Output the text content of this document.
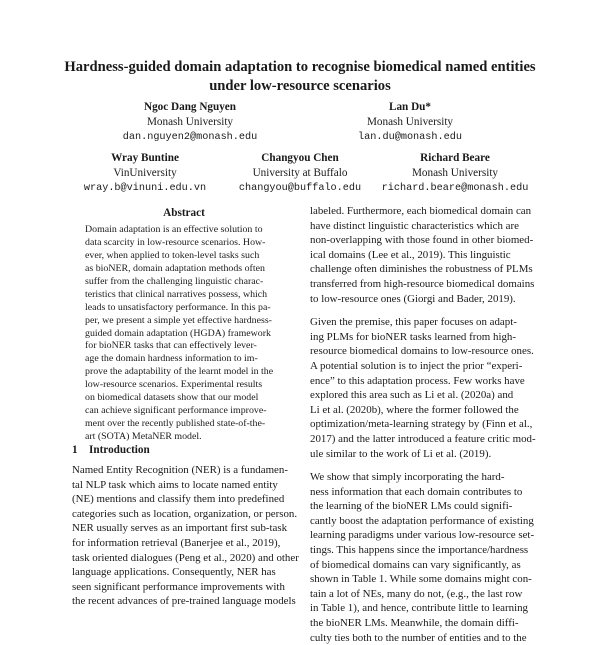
Hardness-guided domain adaptation to recognise biomedical named entities
under low-resource scenarios
Ngoc Dang Nguyen
Monash University
dan.nguyen2@monash.edu
Lan Du*
Monash University
lan.du@monash.edu
Wray Buntine
VinUniversity
wray.b@vinuni.edu.vn
Changyou Chen
University at Buffalo
changyou@buffalo.edu
Richard Beare
Monash University
richard.beare@monash.edu
Abstract
Domain adaptation is an effective solution to
data scarcity in low-resource scenarios. How-
ever, when applied to token-level tasks such
as bioNER, domain adaptation methods often
suffer from the challenging linguistic charac-
teristics that clinical narratives possess, which
leads to unsatisfactory performance. In this pa-
per, we present a simple yet effective hardness-
guided domain adaptation (HGDA) framework
for bioNER tasks that can effectively lever-
age the domain hardness information to im-
prove the adaptability of the learnt model in the
low-resource scenarios. Experimental results
on biomedical datasets show that our model
can achieve significant performance improve-
ment over the recently published state-of-the-
art (SOTA) MetaNER model.
1 Introduction
Named Entity Recognition (NER) is a fundamen-
tal NLP task which aims to locate named entity
(NE) mentions and classify them into predefined
categories such as location, organization, or person.
NER usually serves as an important first sub-task
for information retrieval (Banerjee et al., 2019),
task oriented dialogues (Peng et al., 2020) and other
language applications. Consequently, NER has
seen significant performance improvements with
the recent advances of pre-trained language models
labeled. Furthermore, each biomedical domain can
have distinct linguistic characteristics which are
non-overlapping with those found in other biomed-
ical domains (Lee et al., 2019). This linguistic
challenge often diminishes the robustness of PLMs
transferred from high-resource biomedical domains
to low-resource ones (Giorgi and Bader, 2019).
Given the premise, this paper focuses on adapt-
ing PLMs for bioNER tasks learned from high-
resource biomedical domains to low-resource ones.
A potential solution is to inject the prior “experi-
ence” to this adaptation process. Few works have
explored this area such as Li et al. (2020a) and
Li et al. (2020b), where the former followed the
optimization/meta-learning strategy by (Finn et al.,
2017) and the latter introduced a feature critic mod-
ule similar to the work of Li et al. (2019).
We show that simply incorporating the hard-
ness information that each domain contributes to
the learning of the bioNER LMs could signifi-
cantly boost the adaptation performance of existing
learning paradigms under various low-resource set-
tings. This happens since the importance/hardness
of biomedical domains can vary significantly, as
shown in Table 1. While some domains might con-
tain a lot of NEs, many do not, (e.g., the last row
in Table 1), and hence, contribute little to learning
the bioNER LMs. Meanwhile, the domain diffi-
culty ties both to the number of entities and to the
